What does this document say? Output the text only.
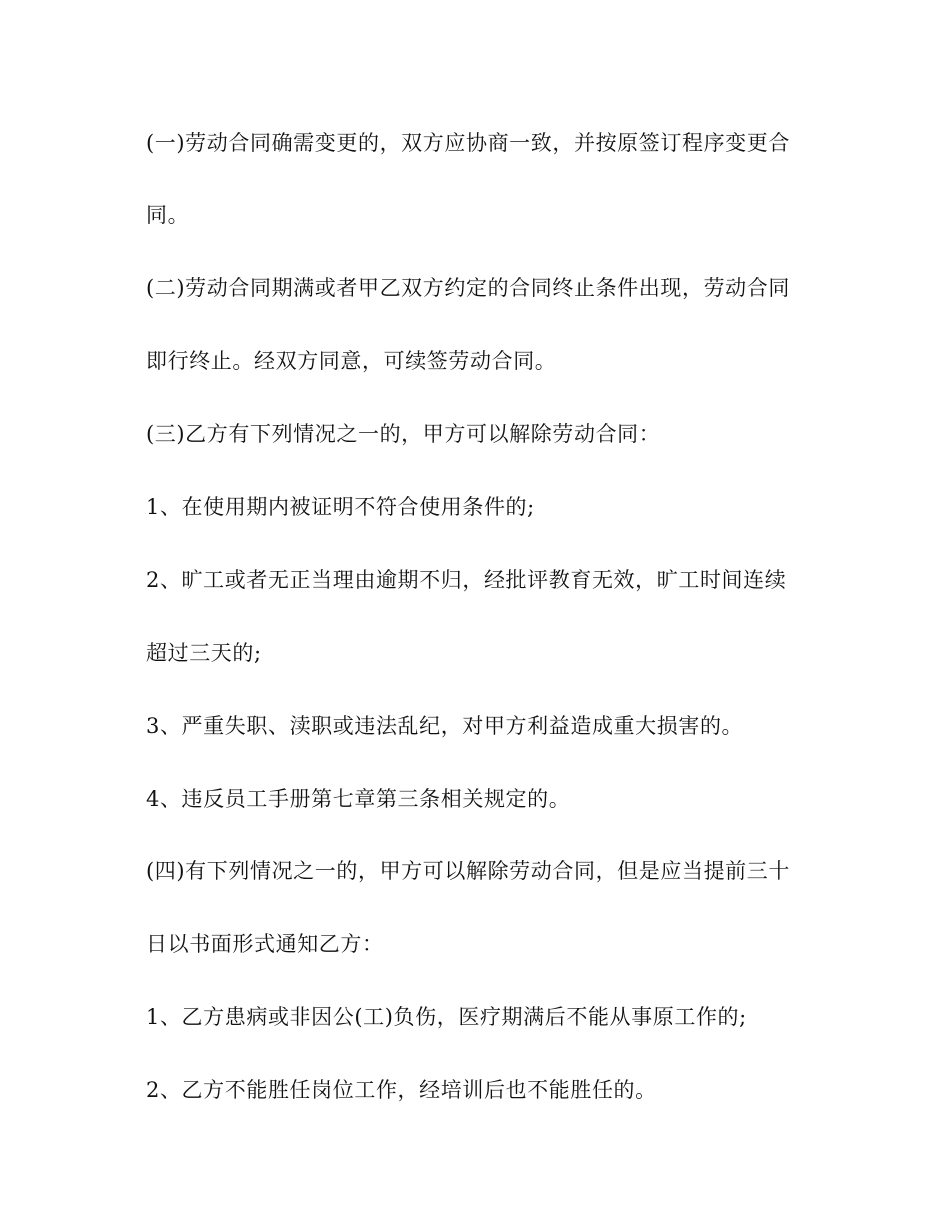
(一)劳动合同确需变更的，双方应协商一致，并按原签订程序变更合

同。

(二)劳动合同期满或者甲乙双方约定的合同终止条件出现，劳动合同

即行终止。经双方同意，可续签劳动合同。

(三)乙方有下列情况之一的，甲方可以解除劳动合同：

1、在使用期内被证明不符合使用条件的;

2、旷工或者无正当理由逾期不归，经批评教育无效，旷工时间连续

超过三天的;

3、严重失职、渎职或违法乱纪，对甲方利益造成重大损害的。

4、违反员工手册第七章第三条相关规定的。

(四)有下列情况之一的，甲方可以解除劳动合同，但是应当提前三十

日以书面形式通知乙方：

1、乙方患病或非因公(工)负伤，医疗期满后不能从事原工作的;

2、乙方不能胜任岗位工作，经培训后也不能胜任的。
